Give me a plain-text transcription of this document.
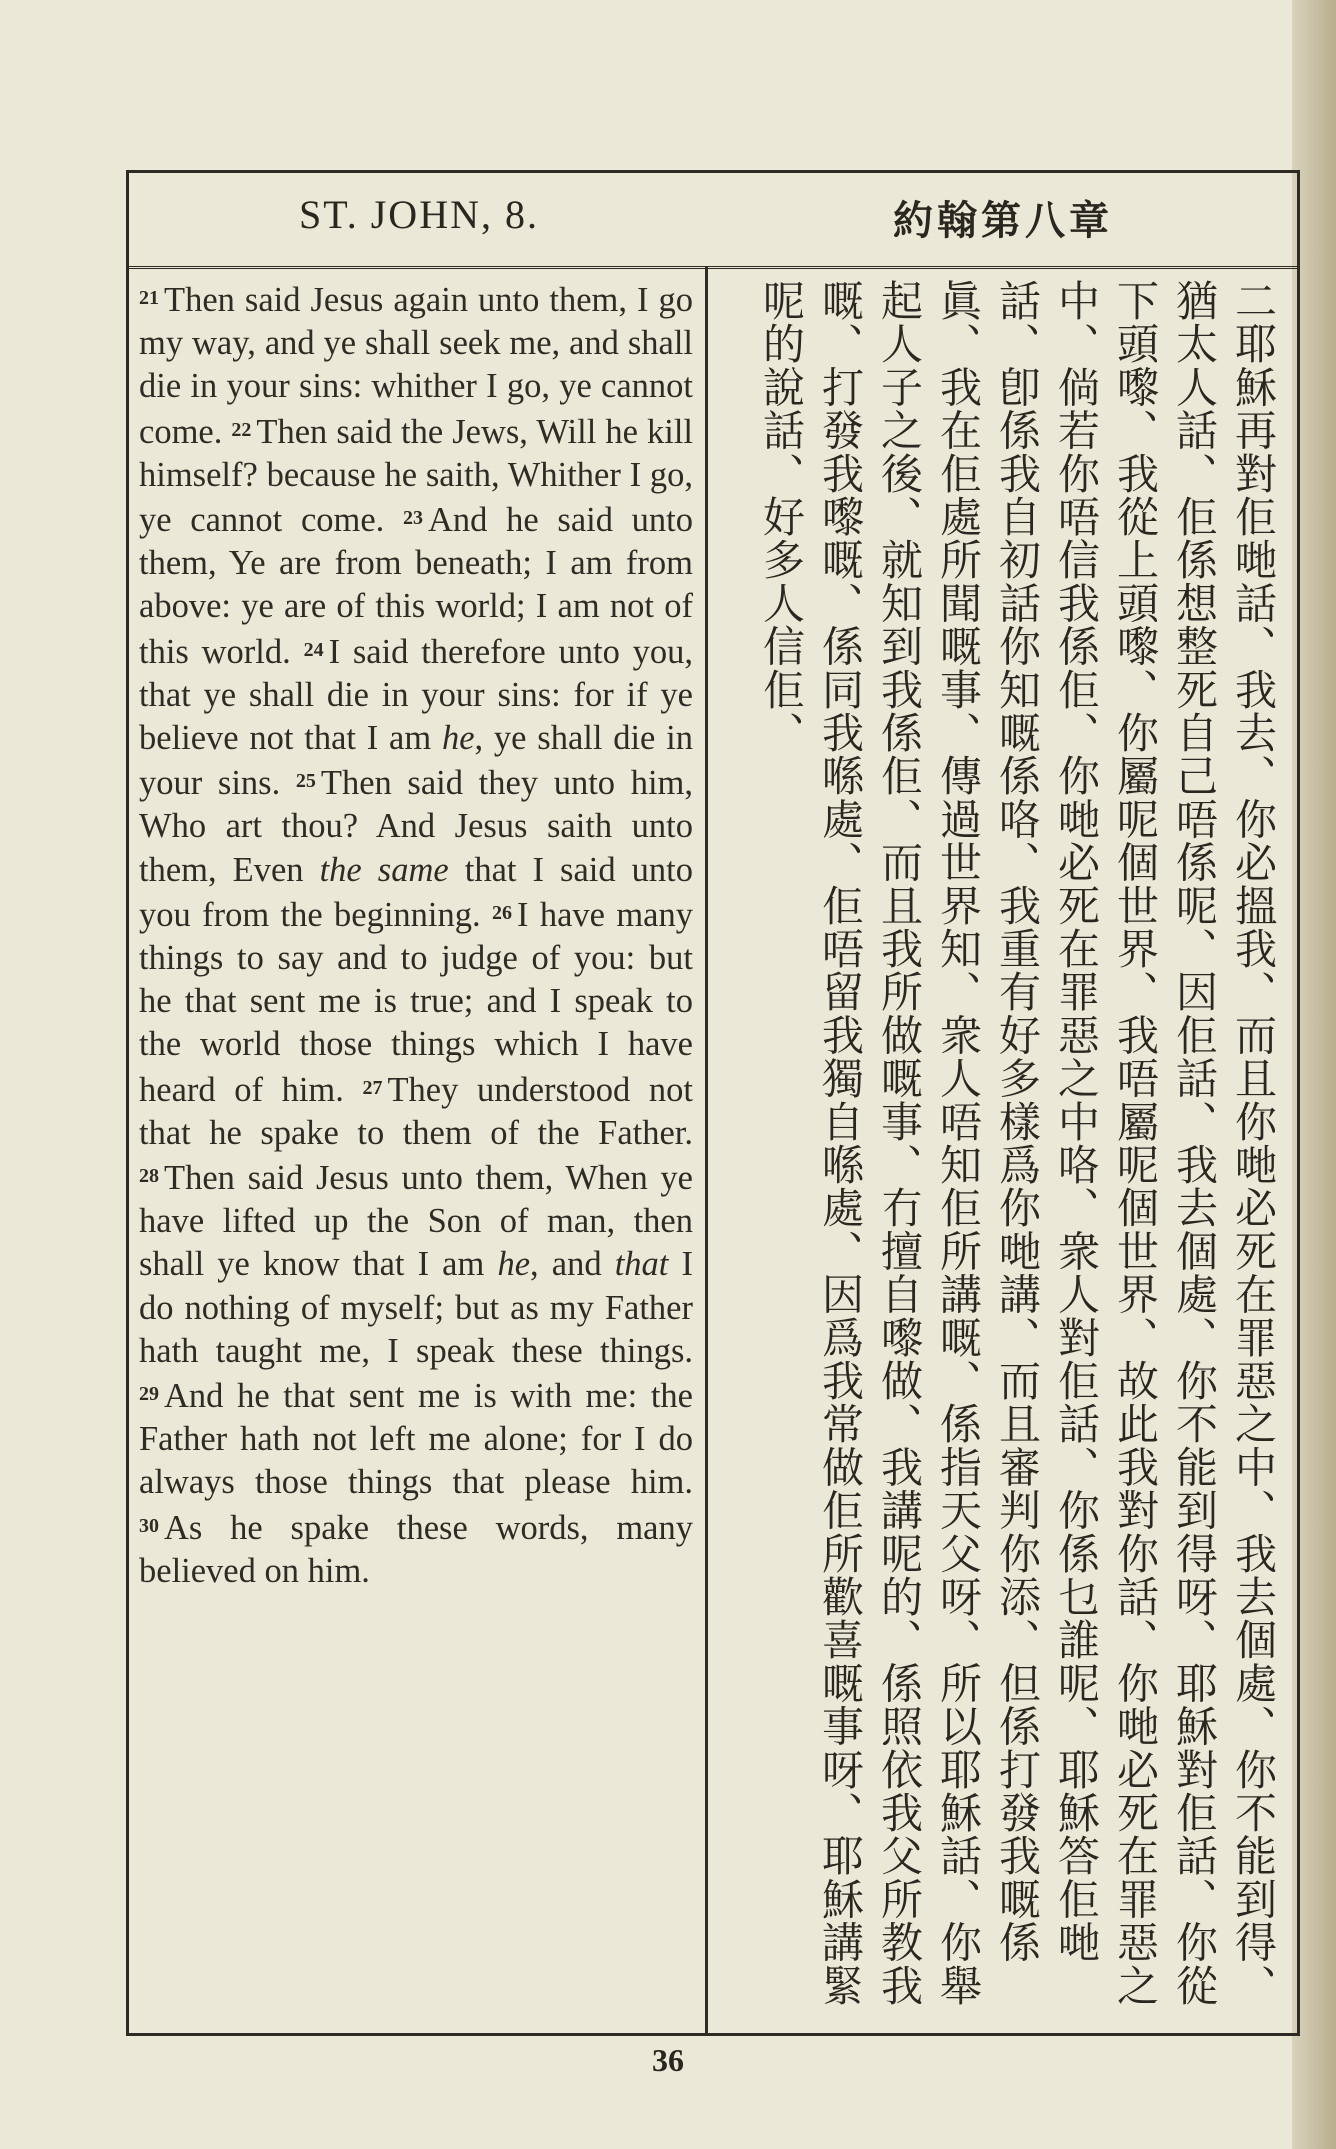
ST. JOHN, 8.	約翰第八章

$^{21}$ Then said Jesus again unto them, I go my way, and ye shall seek me, and shall die in your sins: whither I go, ye cannot come. $^{22}$ Then said the Jews, Will he kill himself? because he saith, Whither I go, ye cannot come. $^{23}$ And he said unto them, Ye are from beneath; I am from above: ye are of this world; I am not of this world. $^{24}$ I said therefore unto you, that ye shall die in your sins: for if ye believe not that I am he, ye shall die in your sins. $^{25}$ Then said they unto him, Who art thou? And Jesus saith unto them, Even the same that I said unto you from the beginning. $^{26}$ I have many things to say and to judge of you: but he that sent me is true; and I speak to the world those things which I have heard of him. $^{27}$ They understood not that he spake to them of the Father. $^{28}$ Then said Jesus unto them, When ye have lifted up the Son of man, then shall ye know that I am he, and that I do nothing of myself; but as my Father hath taught me, I speak these things. $^{29}$ And he that sent me is with me: the Father hath not left me alone; for I do always those things that please him. $^{30}$ As he spake these words, many believed on him.	二耶穌再對佢哋話、我去、你必搵我、而且你哋必死在罪惡之中、我去個處、你不能到得、猶太人話、佢係想整死自己唔係呢、因佢話、我去個處、你不能到得呀、耶穌對佢話、你從下頭嚟、我從上頭嚟、你屬呢個世界、我唔屬呢個世界、故此我對你話、你哋必死在罪惡之中、倘若你唔信我係佢、你哋必死在罪惡之中咯、衆人對佢話、你係乜誰呢、耶穌答佢哋話、卽係我自初話你知嘅係咯、我重有好多樣爲你哋講、而且審判你添、但係打發我嘅係眞、我在佢處所聞嘅事、傳過世界知、衆人唔知佢所講嘅、係指天父呀、所以耶穌話、你舉起人子之後、就知到我係佢、而且我所做嘅事、冇擅自嚟做、我講呢的、係照依我父所教我嘅、打發我嚟嘅、係同我喺處、佢唔留我獨自喺處、因爲我常做佢所歡喜嘅事呀、耶穌講緊呢的說話、好多人信佢、

36
